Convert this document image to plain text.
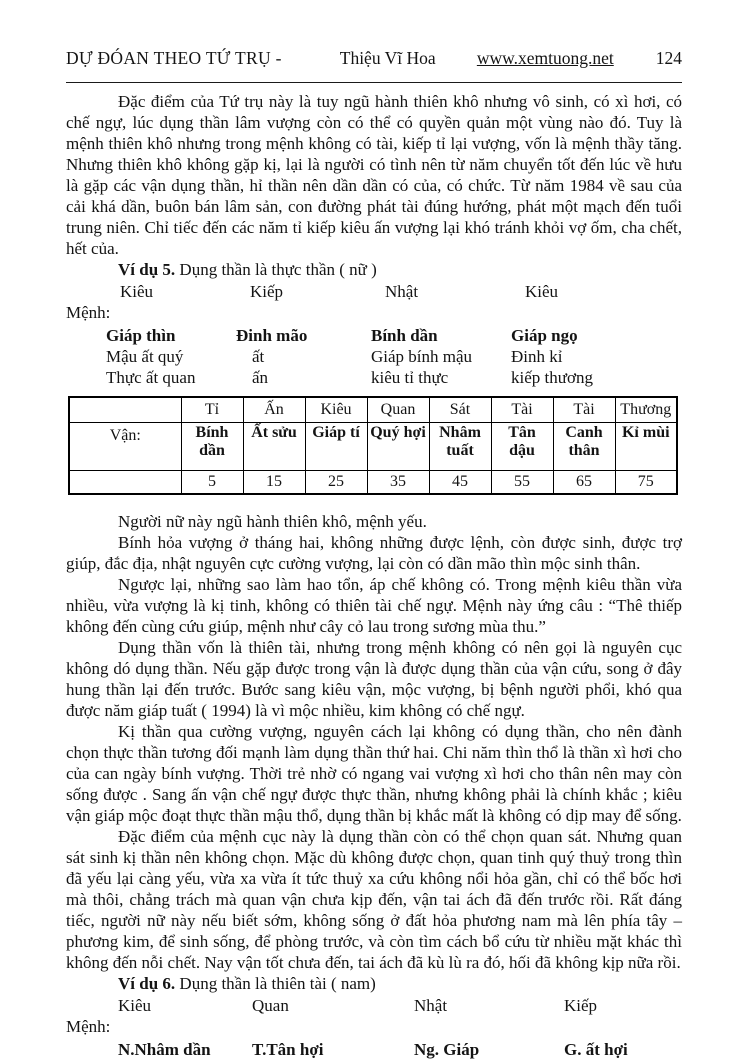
DỰ ĐÓAN THEO TỨ TRỤ -	Thiệu Vĩ Hoa www.xemtuong.net 124

Đặc điểm của Tứ trụ này là tuy ngũ hành thiên khô nhưng vô sinh, có xì hơi, có chế ngự, lúc dụng thần lâm vượng còn có thể có quyền quản một vùng nào đó. Tuy là mệnh thiên khô nhưng trong mệnh không có tài, kiếp tỉ lại vượng, vốn là mệnh thầy tăng. Nhưng thiên khô không gặp kị, lại là người có tình nên từ năm chuyển tốt đến lúc về hưu là gặp các vận dụng thần, hỉ thần nên dần dần có của, có chức. Từ năm 1984 về sau của cải khá dần, buôn bán lâm sản, con đường phát tài đúng hướng, phát một mạch đến tuổi trung niên. Chỉ tiếc đến các năm tỉ kiếp kiêu ấn vượng lại khó tránh khỏi vợ ốm, cha chết, hết của.

Ví dụ 5. Dụng thần là thực thần ( nữ )

Kiêu	Kiếp	Nhật	Kiêu

Mệnh:

Giáp thìn	Đinh mão	Bính dần	Giáp ngọ
Mậu ất quý	ất	Giáp bính mậu	Đinh kỉ
Thực ất quan	ấn	kiêu tỉ thực	kiếp thương
	Tỉ	Ấn	Kiêu	Quan	Sát	Tài	Tài	Thương
Vận:	Bính dần	Ất sửu	Giáp tí	Quý hợi	Nhâm tuất	Tân dậu	Canh thân	Kỉ mùi
	5	15	25	35	45	55	65	75

Người nữ này ngũ hành thiên khô, mệnh yếu.

Bính hỏa vượng ở tháng hai, không những được lệnh, còn được sinh, được trợ giúp, đắc địa, nhật nguyên cực cường vượng, lại còn có dần mão thìn mộc sinh thân.

Ngược lại, những sao làm hao tổn, áp chế không có. Trong mệnh kiêu thần vừa nhiều, vừa vượng là kị tinh, không có thiên tài chế ngự. Mệnh này ứng câu : “Thê thiếp không đến cùng cứu giúp, mệnh như cây cỏ lau trong sương mùa thu.”

Dụng thần vốn là thiên tài, nhưng trong mệnh không có nên gọi là nguyên cục không dó dụng thần. Nếu gặp được trong vận là được dụng thần của vận cứu, song ở đây hung thần lại đến trước. Bước sang kiêu vận, mộc vượng, bị bệnh người phổi, khó qua được năm giáp tuất ( 1994) là vì mộc nhiều, kim không có chế ngự.

Kị thần qua cường vượng, nguyên cách lại không có dụng thần, cho nên đành chọn thực thần tương đối mạnh làm dụng thần thứ hai. Chi năm thìn thổ là thần xì hơi cho của can ngày bính vượng. Thời trẻ nhờ có ngang vai vượng xì hơi cho thân nên may còn sống được . Sang ấn vận chế ngự được thực thần, nhưng không phải là chính khắc ; kiêu vận giáp mộc đoạt thực thần mậu thổ, dụng thần bị khắc mất là không có dịp may để sống.

Đặc điểm của mệnh cục này là dụng thần còn có thể chọn quan sát. Nhưng quan sát sinh kị thần nên không chọn. Mặc dù không được chọn, quan tinh quý thuỷ trong thìn đã yếu lại càng yếu, vừa xa vừa ít tức thuỷ xa cứu không nổi hỏa gần, chỉ có thể bốc hơi mà thôi, chẳng trách mà quan vận chưa kịp đến, vận tai ách đã đến trước rồi. Rất đáng tiếc, người nữ này nếu biết sớm, không sống ở đất hỏa phương nam mà lên phía tây – phương kim, để sinh sống, để phòng trước, và còn tìm cách bổ cứu từ nhiều mặt khác thì không đến nỗi chết. Nay vận tốt chưa đến, tai ách đã kù lù ra đó, hối đã không kịp nữa rồi.

Ví dụ 6. Dụng thần là thiên tài ( nam)

Kiêu	Quan	Nhật	Kiếp

Mệnh:

N.Nhâm dần	T.Tân hợi	Ng. Giáp	G. ất hợi
